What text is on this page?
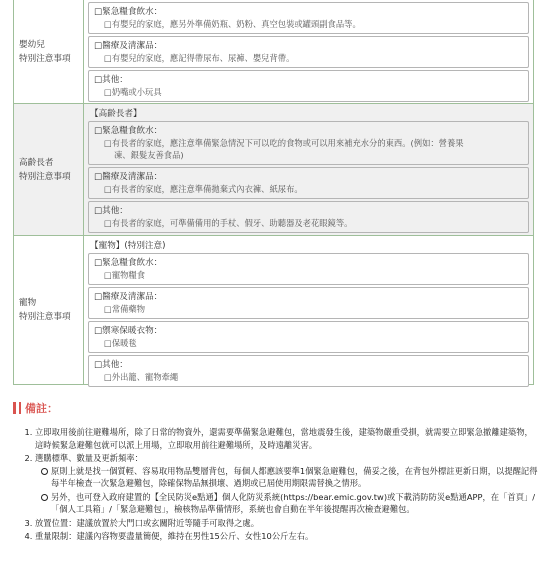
嬰幼兒
特別注意事項
□緊急糧食飲水：
□有嬰兒的家庭，應另外準備奶瓶、奶粉、真空包裝或罐頭副食品等。
□醫療及清潔品：
□有嬰兒的家庭，應記得帶尿布、尿褲、嬰兒背帶。
□其他：
□奶嘴或小玩具
高齡長者
特別注意事項
【高齡長者】
□緊急糧食飲水：
□有長者的家庭，應注意準備緊急情況下可以吃的食物或可以用來補充水分的東西。(例如：營養果
凍、銀髮友善食品)
□醫療及清潔品：
□有長者的家庭，應注意準備拋棄式內衣褲、紙尿布。
□其他：
□有長者的家庭，可準備備用的手杖、假牙、助聽器及老花眼鏡等。
寵物
特別注意事項
【寵物】(特別注意)
□緊急糧食飲水：
□寵物糧食
□醫療及清潔品：
□常備藥物
□禦寒保暖衣物：
□保暖毯
□其他：
□外出籠、寵物牽繩
備註：
1. 立即取用後前往避難場所，除了日常的物資外，還需要準備緊急避難包，當地震發生後，建築物嚴重受損，就需要立即緊急撤離建築物，這時候緊急避難包就可以派上用場，立即取用前往避難場所，及時遠離災害。
2. 選購標準、數量及更新頻率：
原則上就是找一個質輕、容易取用物品雙層背包，每個人都應該要準1個緊急避難包，備妥之後，在背包外標註更新日期，以提醒記得每半年檢查一次緊急避難包，除確保物品無損壞、過期或已屆使用期限需替換之情形。
另外，也可登入政府建置的【全民防災e點通】個人化防災系統(https://bear.emic.gov.tw)或下載消防防災e點通APP，在「首頁」/「個人工具箱」/「緊急避難包」，檢核物品準備情形，系統也會自動在半年後提醒再次檢查避難包。
3. 放置位置：建議放置於大門口或玄關附近等隨手可取得之處。
4. 重量限制：建議內容物要盡量簡便，維持在男性15公斤、女性10公斤左右。
